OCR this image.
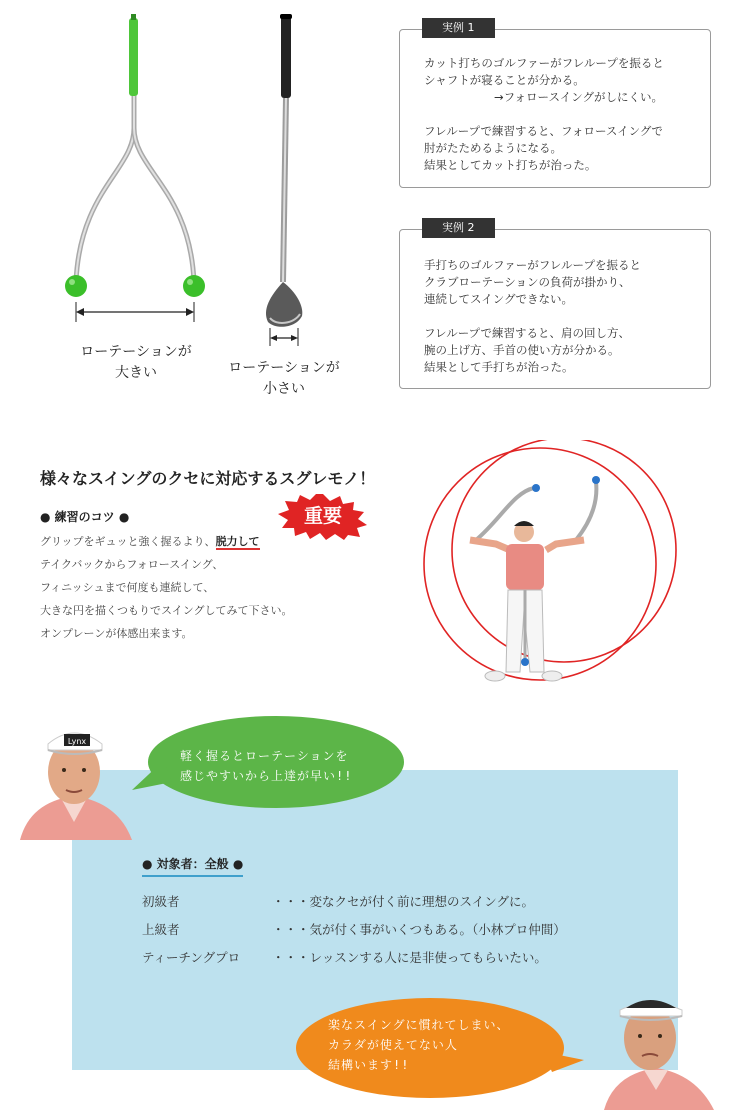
ローテーションが
大きい	ローテーションが
小さい
実例 1
カット打ちのゴルファーがフレループを振ると
シャフトが寝ることが分かる。
→フォロースイングがしにくい。
フレループで練習すると、フォロースイングで
肘がたためるようになる。
結果としてカット打ちが治った。
実例 2
手打ちのゴルファーがフレループを振ると
クラブローテーションの負荷が掛かり、
連続してスイングできない。
フレループで練習すると、肩の回し方、
腕の上げ方、手首の使い方が分かる。
結果として手打ちが治った。
様々なスイングのクセに対応するスグレモノ！
● 練習のコツ ●
グリップをギュッと強く握るより、脱力して
テイクバックからフォロースイング、
フィニッシュまで何度も連続して、
大きな円を描くつもりでスイングしてみて下さい。
オンプレーンが体感出来ます。
重要
Lynx
軽く握るとローテーションを
感じやすいから上達が早い!!
● 対象者：全般 ●
初級者	・・・変なクセが付く前に理想のスイングに。
上級者	・・・気が付く事がいくつもある。（小林プロ仲間）
ティーチングプロ	・・・レッスンする人に是非使ってもらいたい。
楽なスイングに慣れてしまい、
カラダが使えてない人
結構います!!
